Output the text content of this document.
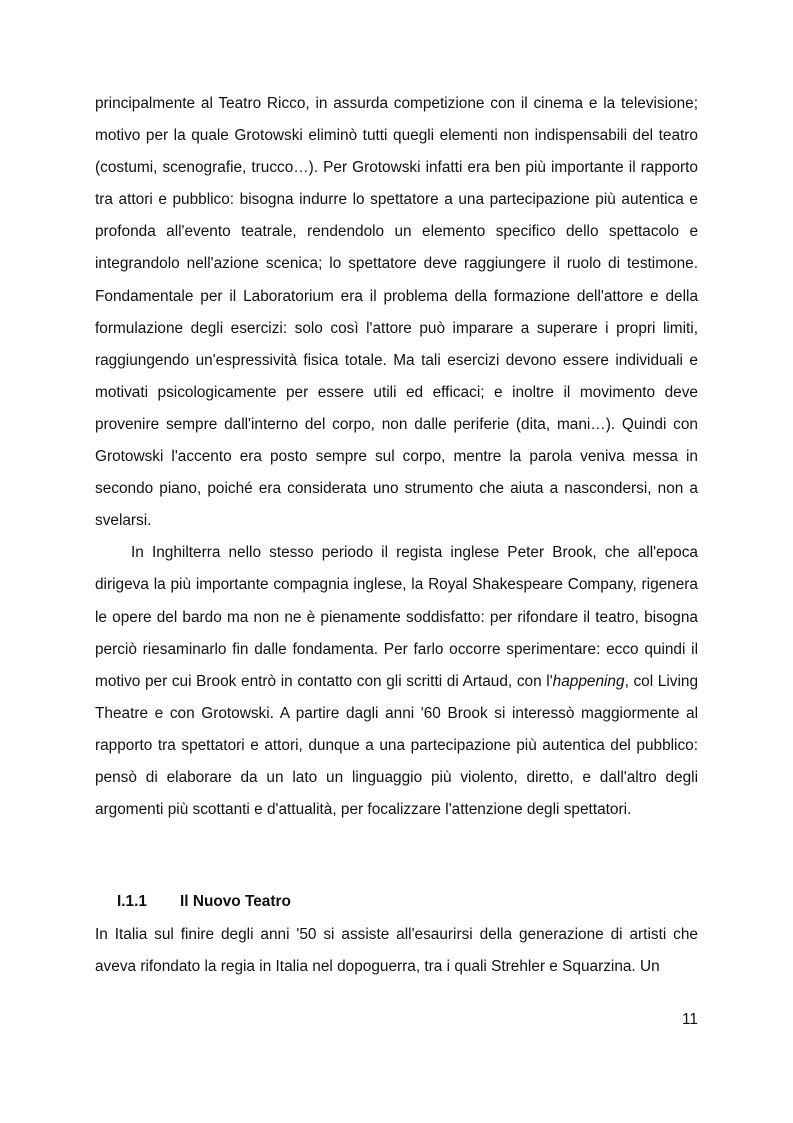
principalmente al Teatro Ricco, in assurda competizione con il cinema e la televisione; motivo per la quale Grotowski eliminò tutti quegli elementi non indispensabili del teatro (costumi, scenografie, trucco…). Per Grotowski infatti era ben più importante il rapporto tra attori e pubblico: bisogna indurre lo spettatore a una partecipazione più autentica e profonda all'evento teatrale, rendendolo un elemento specifico dello spettacolo e integrandolo nell'azione scenica; lo spettatore deve raggiungere il ruolo di testimone. Fondamentale per il Laboratorium era il problema della formazione dell'attore e della formulazione degli esercizi: solo così l'attore può imparare a superare i propri limiti, raggiungendo un'espressività fisica totale. Ma tali esercizi devono essere individuali e motivati psicologicamente per essere utili ed efficaci; e inoltre il movimento deve provenire sempre dall'interno del corpo, non dalle periferie (dita, mani…). Quindi con Grotowski l'accento era posto sempre sul corpo, mentre la parola veniva messa in secondo piano, poiché era considerata uno strumento che aiuta a nascondersi, non a svelarsi.

In Inghilterra nello stesso periodo il regista inglese Peter Brook, che all'epoca dirigeva la più importante compagnia inglese, la Royal Shakespeare Company, rigenera le opere del bardo ma non ne è pienamente soddisfatto: per rifondare il teatro, bisogna perciò riesaminarlo fin dalle fondamenta. Per farlo occorre sperimentare: ecco quindi il motivo per cui Brook entrò in contatto con gli scritti di Artaud, con l'happening, col Living Theatre e con Grotowski. A partire dagli anni '60 Brook si interessò maggiormente al rapporto tra spettatori e attori, dunque a una partecipazione più autentica del pubblico: pensò di elaborare da un lato un linguaggio più violento, diretto, e dall'altro degli argomenti più scottanti e d'attualità, per focalizzare l'attenzione degli spettatori.

I.1.1 Il Nuovo Teatro

In Italia sul finire degli anni '50 si assiste all'esaurirsi della generazione di artisti che aveva rifondato la regia in Italia nel dopoguerra, tra i quali Strehler e Squarzina. Un

11
